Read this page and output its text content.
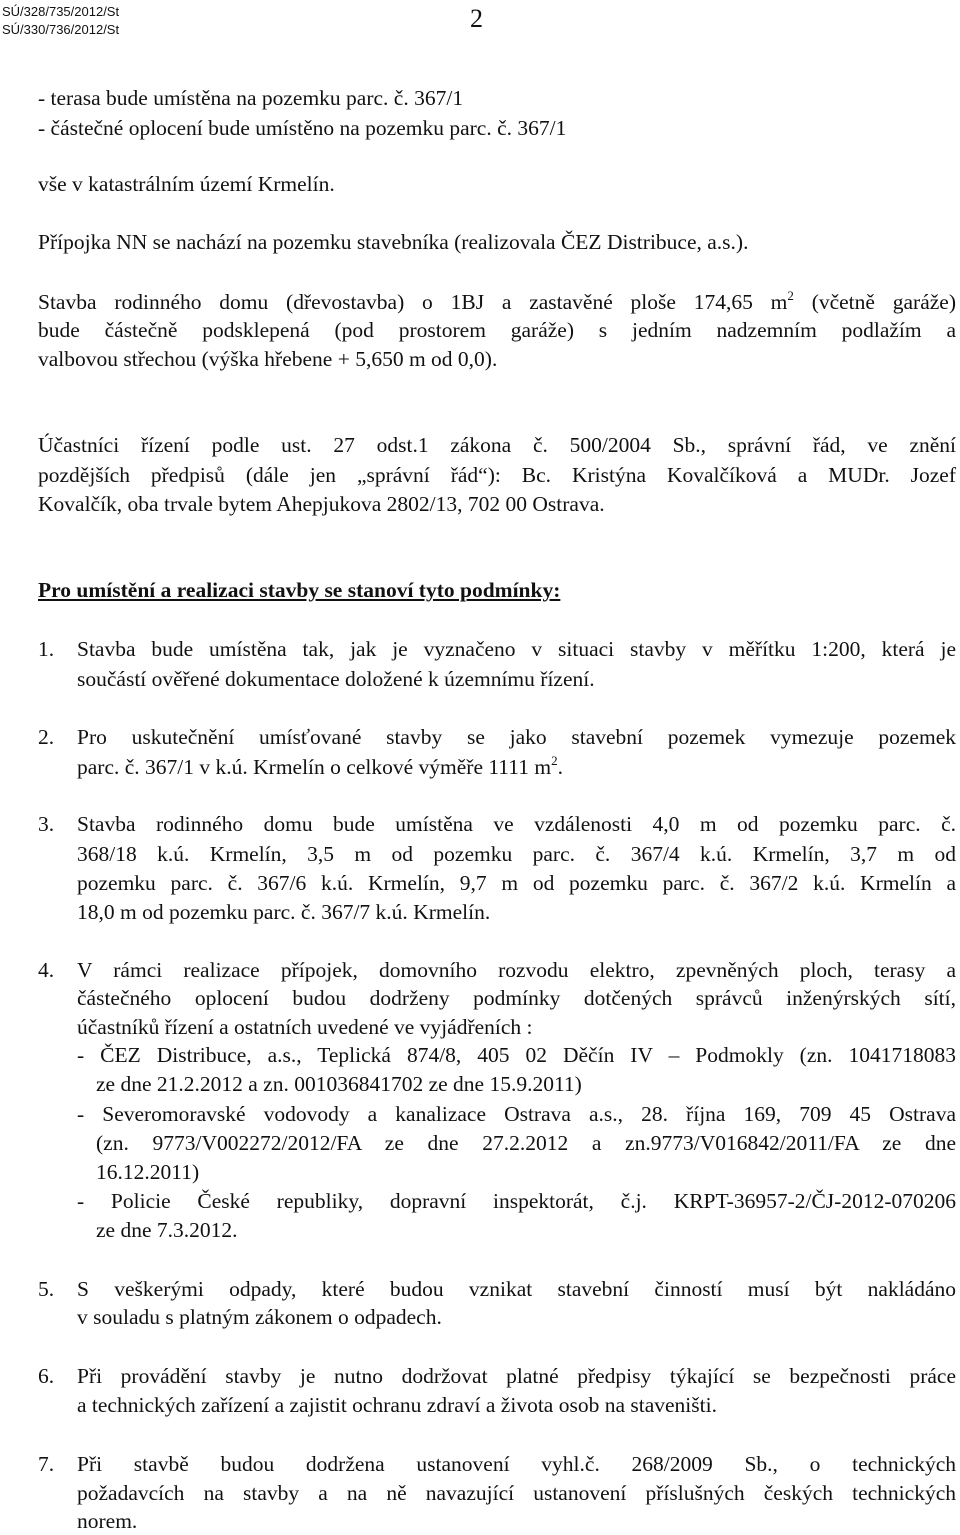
SÚ/328/735/2012/St
SÚ/330/736/2012/St	2
- terasa bude umístěna na pozemku parc. č. 367/1
- částečné oplocení bude umístěno na pozemku parc. č. 367/1
vše v katastrálním území Krmelín.
Přípojka NN se nachází na pozemku stavebníka (realizovala ČEZ Distribuce, a.s.).
Stavba rodinného domu (dřevostavba) o 1BJ a zastavěné ploše 174,65 $m^2$ (včetně garáže)
bude částečně podsklepená (pod prostorem garáže) s jedním nadzemním podlažím a
valbovou střechou (výška hřebene + 5,650 m od 0,0).
Účastníci řízení podle ust. 27 odst.1 zákona č. 500/2004 Sb., správní řád, ve znění
pozdějších předpisů (dále jen „správní řád“): Bc. Kristýna Kovalčíková a MUDr. Jozef
Kovalčík, oba trvale bytem Ahepjukova 2802/13, 702 00 Ostrava.
Pro umístění a realizaci stavby se stanoví tyto podmínky:
1. Stavba bude umístěna tak, jak je vyznačeno v situaci stavby v měřítku 1:200, která je
součástí ověřené dokumentace doložené k územnímu řízení.
2. Pro uskutečnění umísťované stavby se jako stavební pozemek vymezuje pozemek
parc. č. 367/1 v k.ú. Krmelín o celkové výměře 1111 $m^2$.
3. Stavba rodinného domu bude umístěna ve vzdálenosti 4,0 m od pozemku parc. č.
368/18 k.ú. Krmelín, 3,5 m od pozemku parc. č. 367/4 k.ú. Krmelín, 3,7 m od
pozemku parc. č. 367/6 k.ú. Krmelín, 9,7 m od pozemku parc. č. 367/2 k.ú. Krmelín a
18,0 m od pozemku parc. č. 367/7 k.ú. Krmelín.
4. V rámci realizace přípojek, domovního rozvodu elektro, zpevněných ploch, terasy a
částečného oplocení budou dodrženy podmínky dotčených správců inženýrských sítí,
účastníků řízení a ostatních uvedené ve vyjádřeních :
- ČEZ Distribuce, a.s., Teplická 874/8, 405 02 Děčín IV – Podmokly (zn. 1041718083
ze dne 21.2.2012 a zn. 001036841702 ze dne 15.9.2011)
- Severomoravské vodovody a kanalizace Ostrava a.s., 28. října 169, 709 45 Ostrava
(zn. 9773/V002272/2012/FA ze dne 27.2.2012 a zn.9773/V016842/2011/FA ze dne
16.12.2011)
- Policie České republiky, dopravní inspektorát, č.j. KRPT-36957-2/ČJ-2012-070206
ze dne 7.3.2012.
5. S veškerými odpady, které budou vznikat stavební činností musí být nakládáno
v souladu s platným zákonem o odpadech.
6. Při provádění stavby je nutno dodržovat platné předpisy týkající se bezpečnosti práce
a technických zařízení a zajistit ochranu zdraví a života osob na staveništi.
7. Při stavbě budou dodržena ustanovení vyhl.č. 268/2009 Sb., o technických
požadavcích na stavby a na ně navazující ustanovení příslušných českých technických
norem.
